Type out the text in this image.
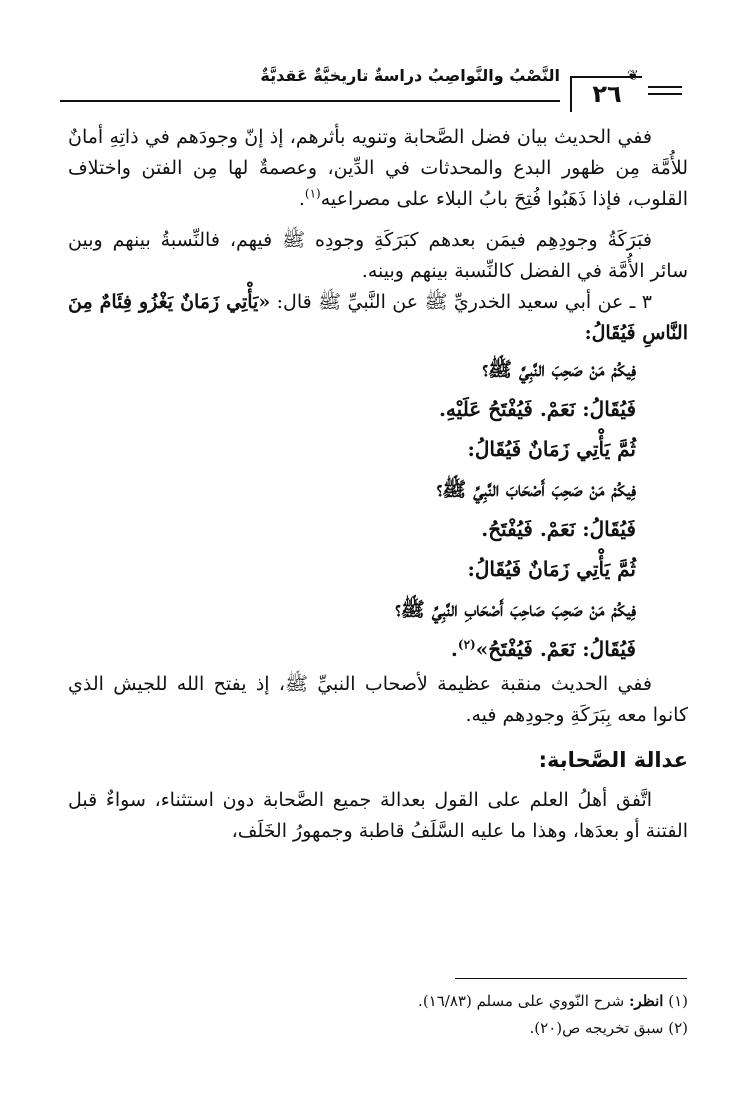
النَّصْبُ والنَّواصِبُ دراسةٌ تاريخيَّةٌ عَقديَّةٌ	❦
٢٦

ففي الحديث بيان فضل الصَّحابة وتنويه بأثرهم، إذ إنّ وجودَهم في ذاتِهِ أمانٌ للأُمَّة مِن ظهور البدع والمحدثات في الدِّين، وعصمةٌ لها مِن الفتن واختلاف القلوب، فإذا ذَهَبُوا فُتِحَ بابُ البلاء على مصراعيه$^{(١)}$.

فبَرَكَةُ وجودِهِم فيمَن بعدهم كبَرَكَةِ وجودِه ﷺ فيهم، فالنِّسبةُ بينهم وبين سائر الأُمَّة في الفضل كالنِّسبة بينهم وبينه.

٣ ـ عن أبي سعيد الخدريِّ ﷺ عن النَّبيِّ ﷺ قال: «يَأْتِي زَمَانٌ يَغْزُو فِئَامٌ مِنَ النَّاسِ فَيُقَالُ:

فِيكُمْ مَنْ صَحِبَ النَّبِيَّ ﷺ؟

فَيُقَالُ: نَعَمْ. فَيُفْتَحُ عَلَيْهِ.

ثُمَّ يَأْتِي زَمَانٌ فَيُقَالُ:

فِيكُمْ مَنْ صَحِبَ أَصْحَابَ النَّبِيِّ ﷺ؟

فَيُقَالُ: نَعَمْ. فَيُفْتَحُ.

ثُمَّ يَأْتِي زَمَانٌ فَيُقَالُ:

فِيكُمْ مَنْ صَحِبَ صَاحِبَ أَصْحَابِ النَّبِيِّ ﷺ؟

فَيُقَالُ: نَعَمْ. فَيُفْتَحُ»$^{(٢)}$.

ففي الحديث منقبة عظيمة لأصحاب النبيِّ ﷺ، إذ يفتح الله للجيش الذي كانوا معه بِبَرَكَةِ وجودِهم فيه.

عدالة الصَّحابة:

اتَّفق أهلُ العلم على القول بعدالة جميع الصَّحابة دون استثناء، سواءٌ قبل الفتنة أو بعدَها، وهذا ما عليه السَّلَفُ قاطبة وجمهورُ الخَلَف،

(١) انظر: شرح النّووي على مسلم (١٦/٨٣).

(٢) سبق تخريجه ص(٢٠).
